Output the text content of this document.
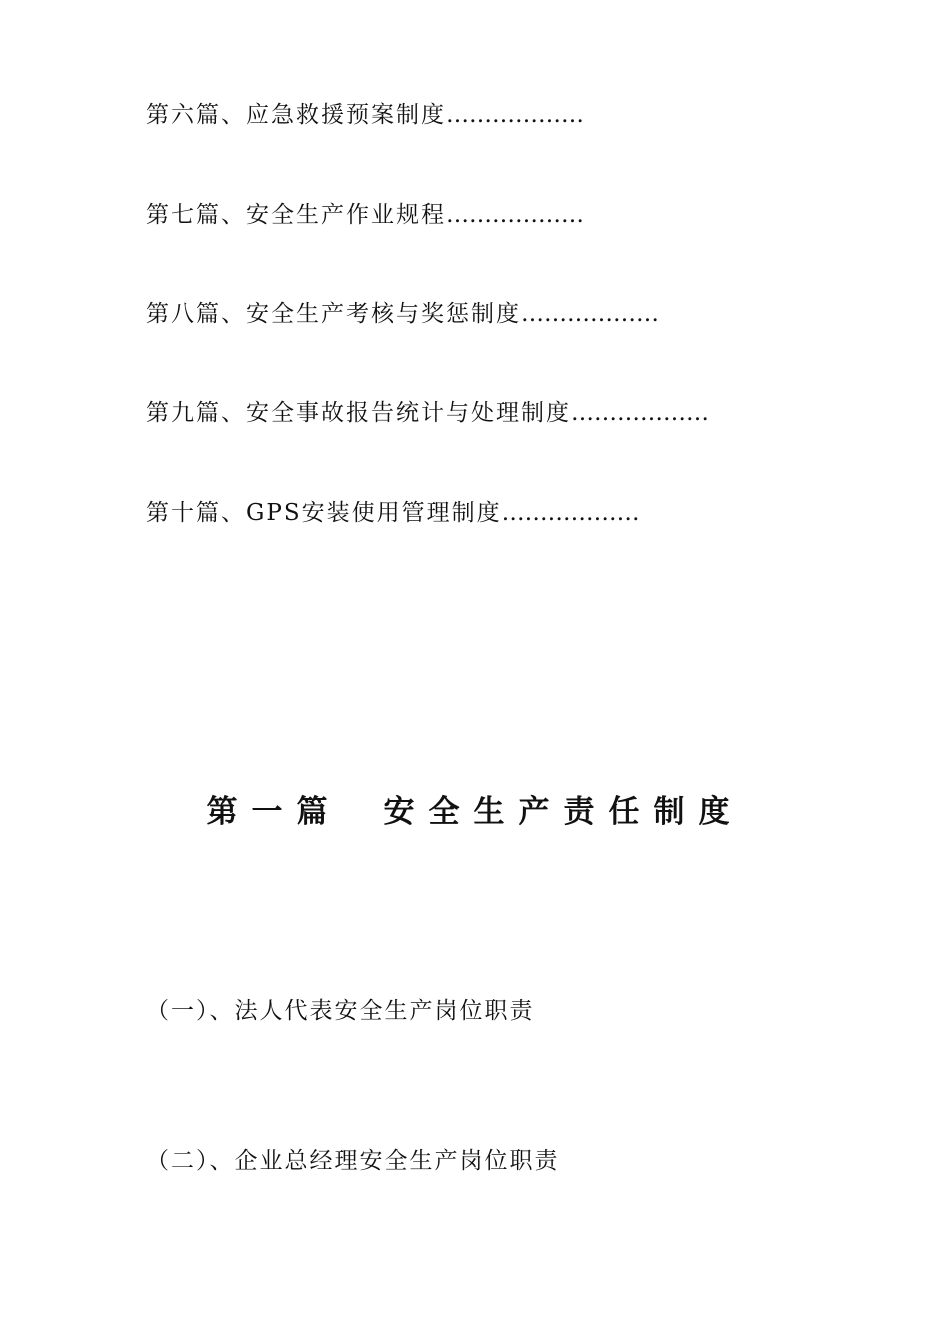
第六篇、应急救援预案制度………………
第七篇、安全生产作业规程………………
第八篇、安全生产考核与奖惩制度………………
第九篇、安全事故报告统计与处理制度………………
第十篇、GPS安装使用管理制度………………
第一篇 安全生产责任制度
（一）、法人代表安全生产岗位职责
（二）、企业总经理安全生产岗位职责
